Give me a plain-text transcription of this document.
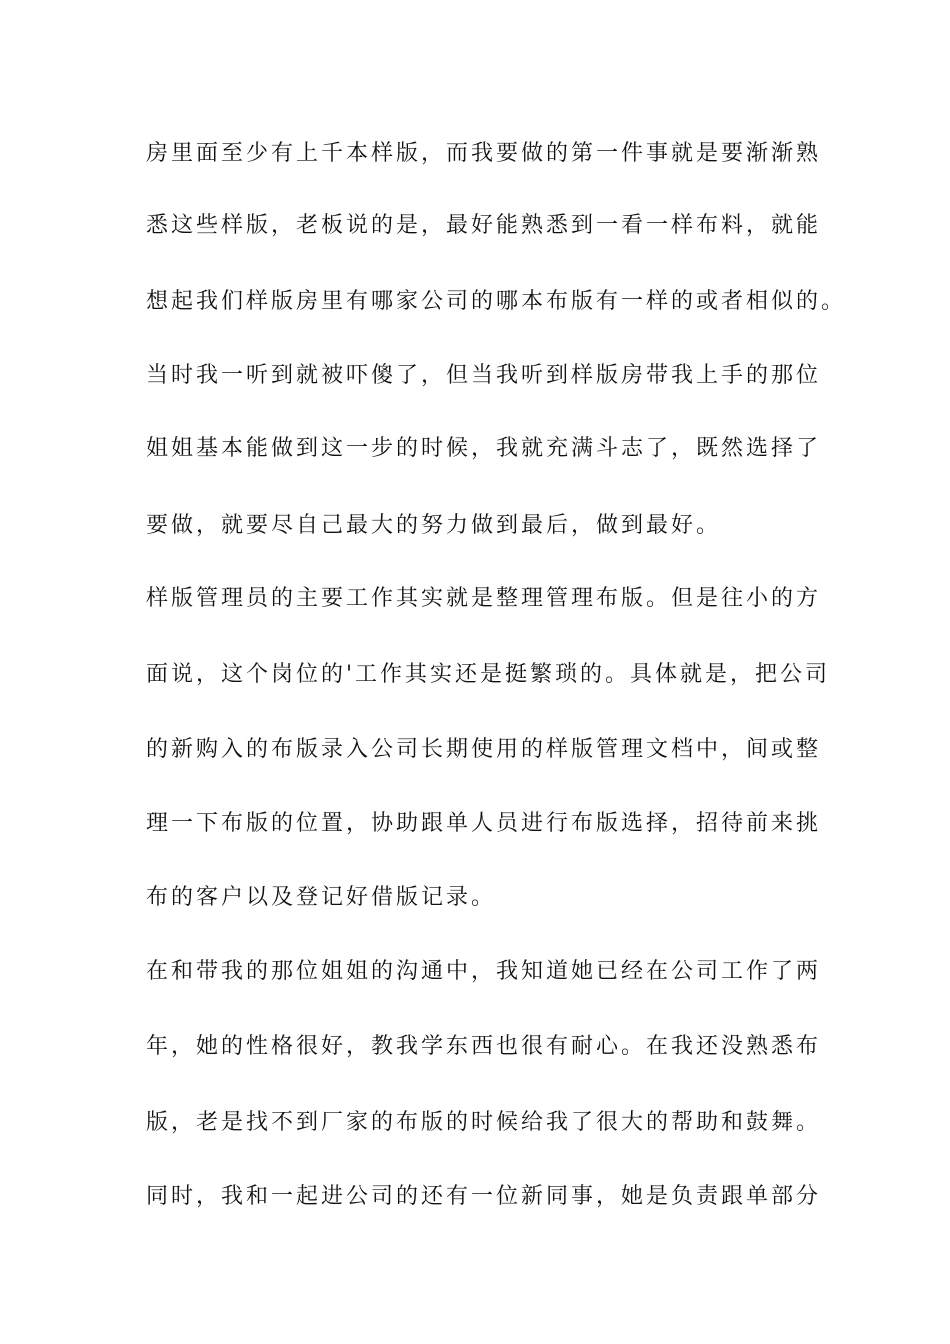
房里面至少有上千本样版，而我要做的第一件事就是要渐渐熟
悉这些样版，老板说的是，最好能熟悉到一看一样布料，就能
想起我们样版房里有哪家公司的哪本布版有一样的或者相似的。
当时我一听到就被吓傻了，但当我听到样版房带我上手的那位
姐姐基本能做到这一步的时候，我就充满斗志了，既然选择了
要做，就要尽自己最大的努力做到最后，做到最好。
样版管理员的主要工作其实就是整理管理布版。但是往小的方
面说，这个岗位的'工作其实还是挺繁琐的。具体就是，把公司
的新购入的布版录入公司长期使用的样版管理文档中，间或整
理一下布版的位置，协助跟单人员进行布版选择，招待前来挑
布的客户以及登记好借版记录。
在和带我的那位姐姐的沟通中，我知道她已经在公司工作了两
年，她的性格很好，教我学东西也很有耐心。在我还没熟悉布
版，老是找不到厂家的布版的时候给我了很大的帮助和鼓舞。
同时，我和一起进公司的还有一位新同事，她是负责跟单部分
